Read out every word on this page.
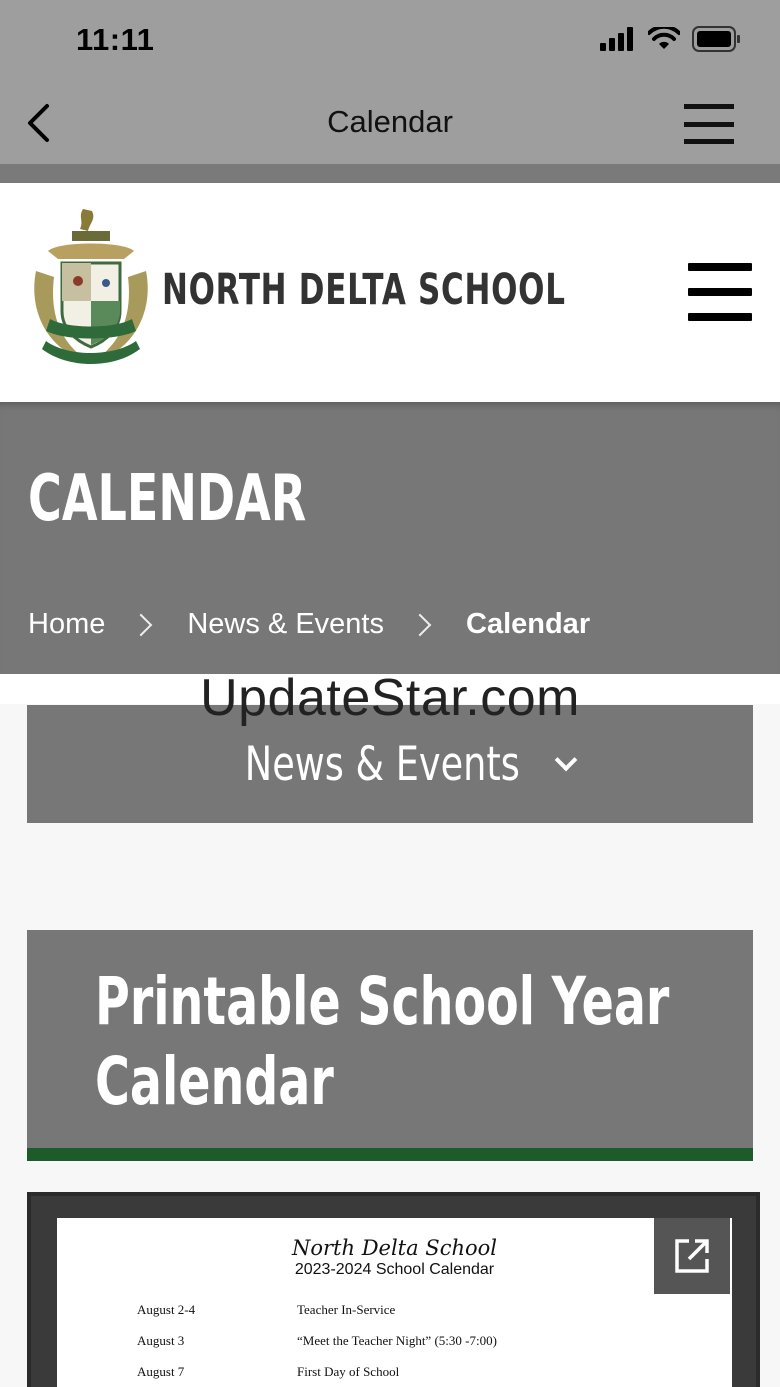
11:11
Calendar
NORTH DELTA SCHOOL
CALENDAR
Home	News & Events	Calendar
News & Events
UpdateStar.com
Printable School Year Calendar
North Delta School
2023-2024 School Calendar
August 2-4	Teacher In-Service
August 3	“Meet the Teacher Night” (5:30 -7:00)
August 7	First Day of School
